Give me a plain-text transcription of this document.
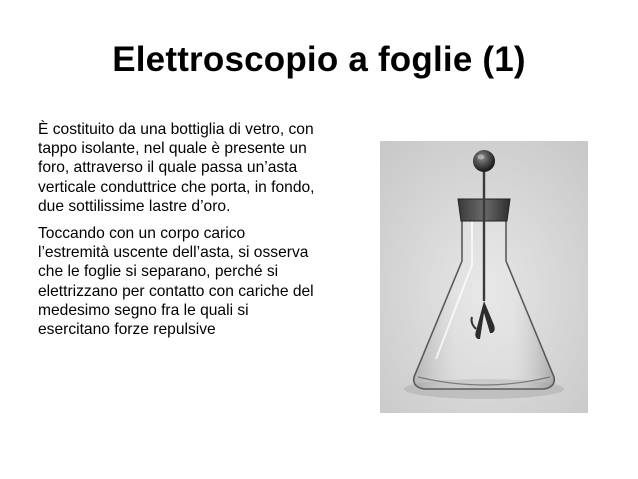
Elettroscopio a foglie (1)

È costituito da una bottiglia di vetro, con tappo isolante, nel quale è presente un foro, attraverso il quale passa un’asta verticale conduttrice che porta, in fondo, due sottilissime lastre d’oro.

Toccando con un corpo carico l’estremità uscente dell’asta, si osserva che le foglie si separano, perché si elettrizzano per contatto con cariche del medesimo segno fra le quali si esercitano forze repulsive
